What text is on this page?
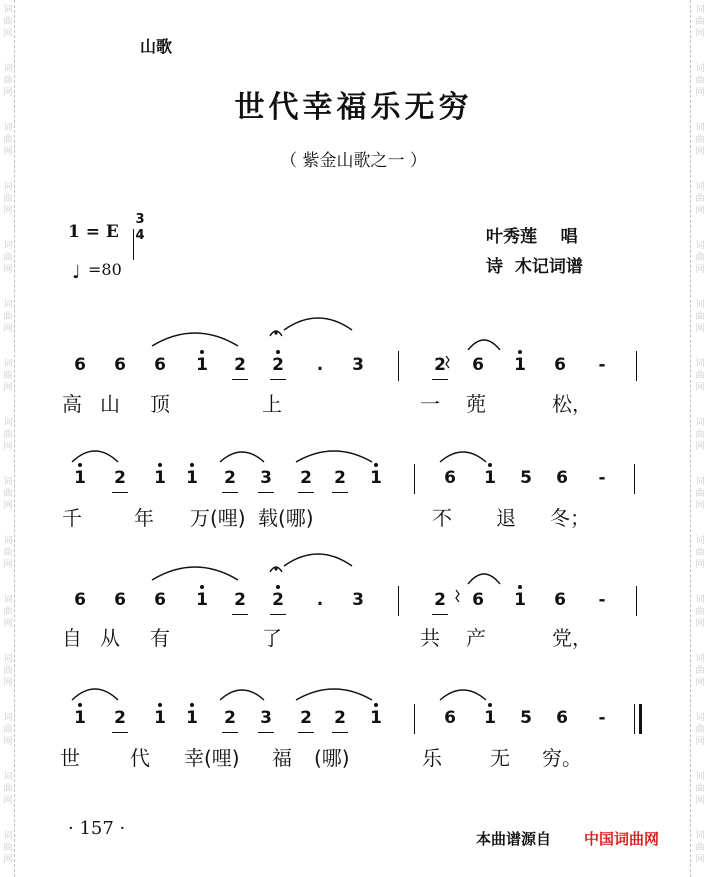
词
曲
网
词
曲
网
词
曲
网
词
曲
网
词
曲
网
词
曲
网
词
曲
网
词
曲
网
词
曲
网
词
曲
网
词
曲
网
词
曲
网
词
曲
网
词
曲
网
词
曲
网
词
曲
网
词
曲
网
词
曲
网
词
曲
网
词
曲
网
词
曲
网
词
曲
网
词
曲
网
词
曲
网
词
曲
网
词
曲
网
词
曲
网
词
曲
网
词
曲
网
词
曲
网
山歌
世代幸福乐无穷
（ 紫金山歌之一 ）
1 = E
3
4
♩ =80
叶秀莲    唱
诗  木记词谱
6 6 6 1 2 2 . 3	2 6 1 6 -
高 山 顶	上	一 蔸	松，
1 2 1 1 2 3 2 2 1	6 1 5 6 -
千	年 万(哩) 载(哪)	不 退 冬；
6 6 6 1 2 2 . 3	2 6 1 6 -
自 从 有	了	共 产	党，
1 2 1 1 2 3 2 2 1	6 1 5 6 -
世	代 幸(哩) 福 (哪)	乐 无 穷。
· 157 ·	本曲谱源自 中国词曲网
